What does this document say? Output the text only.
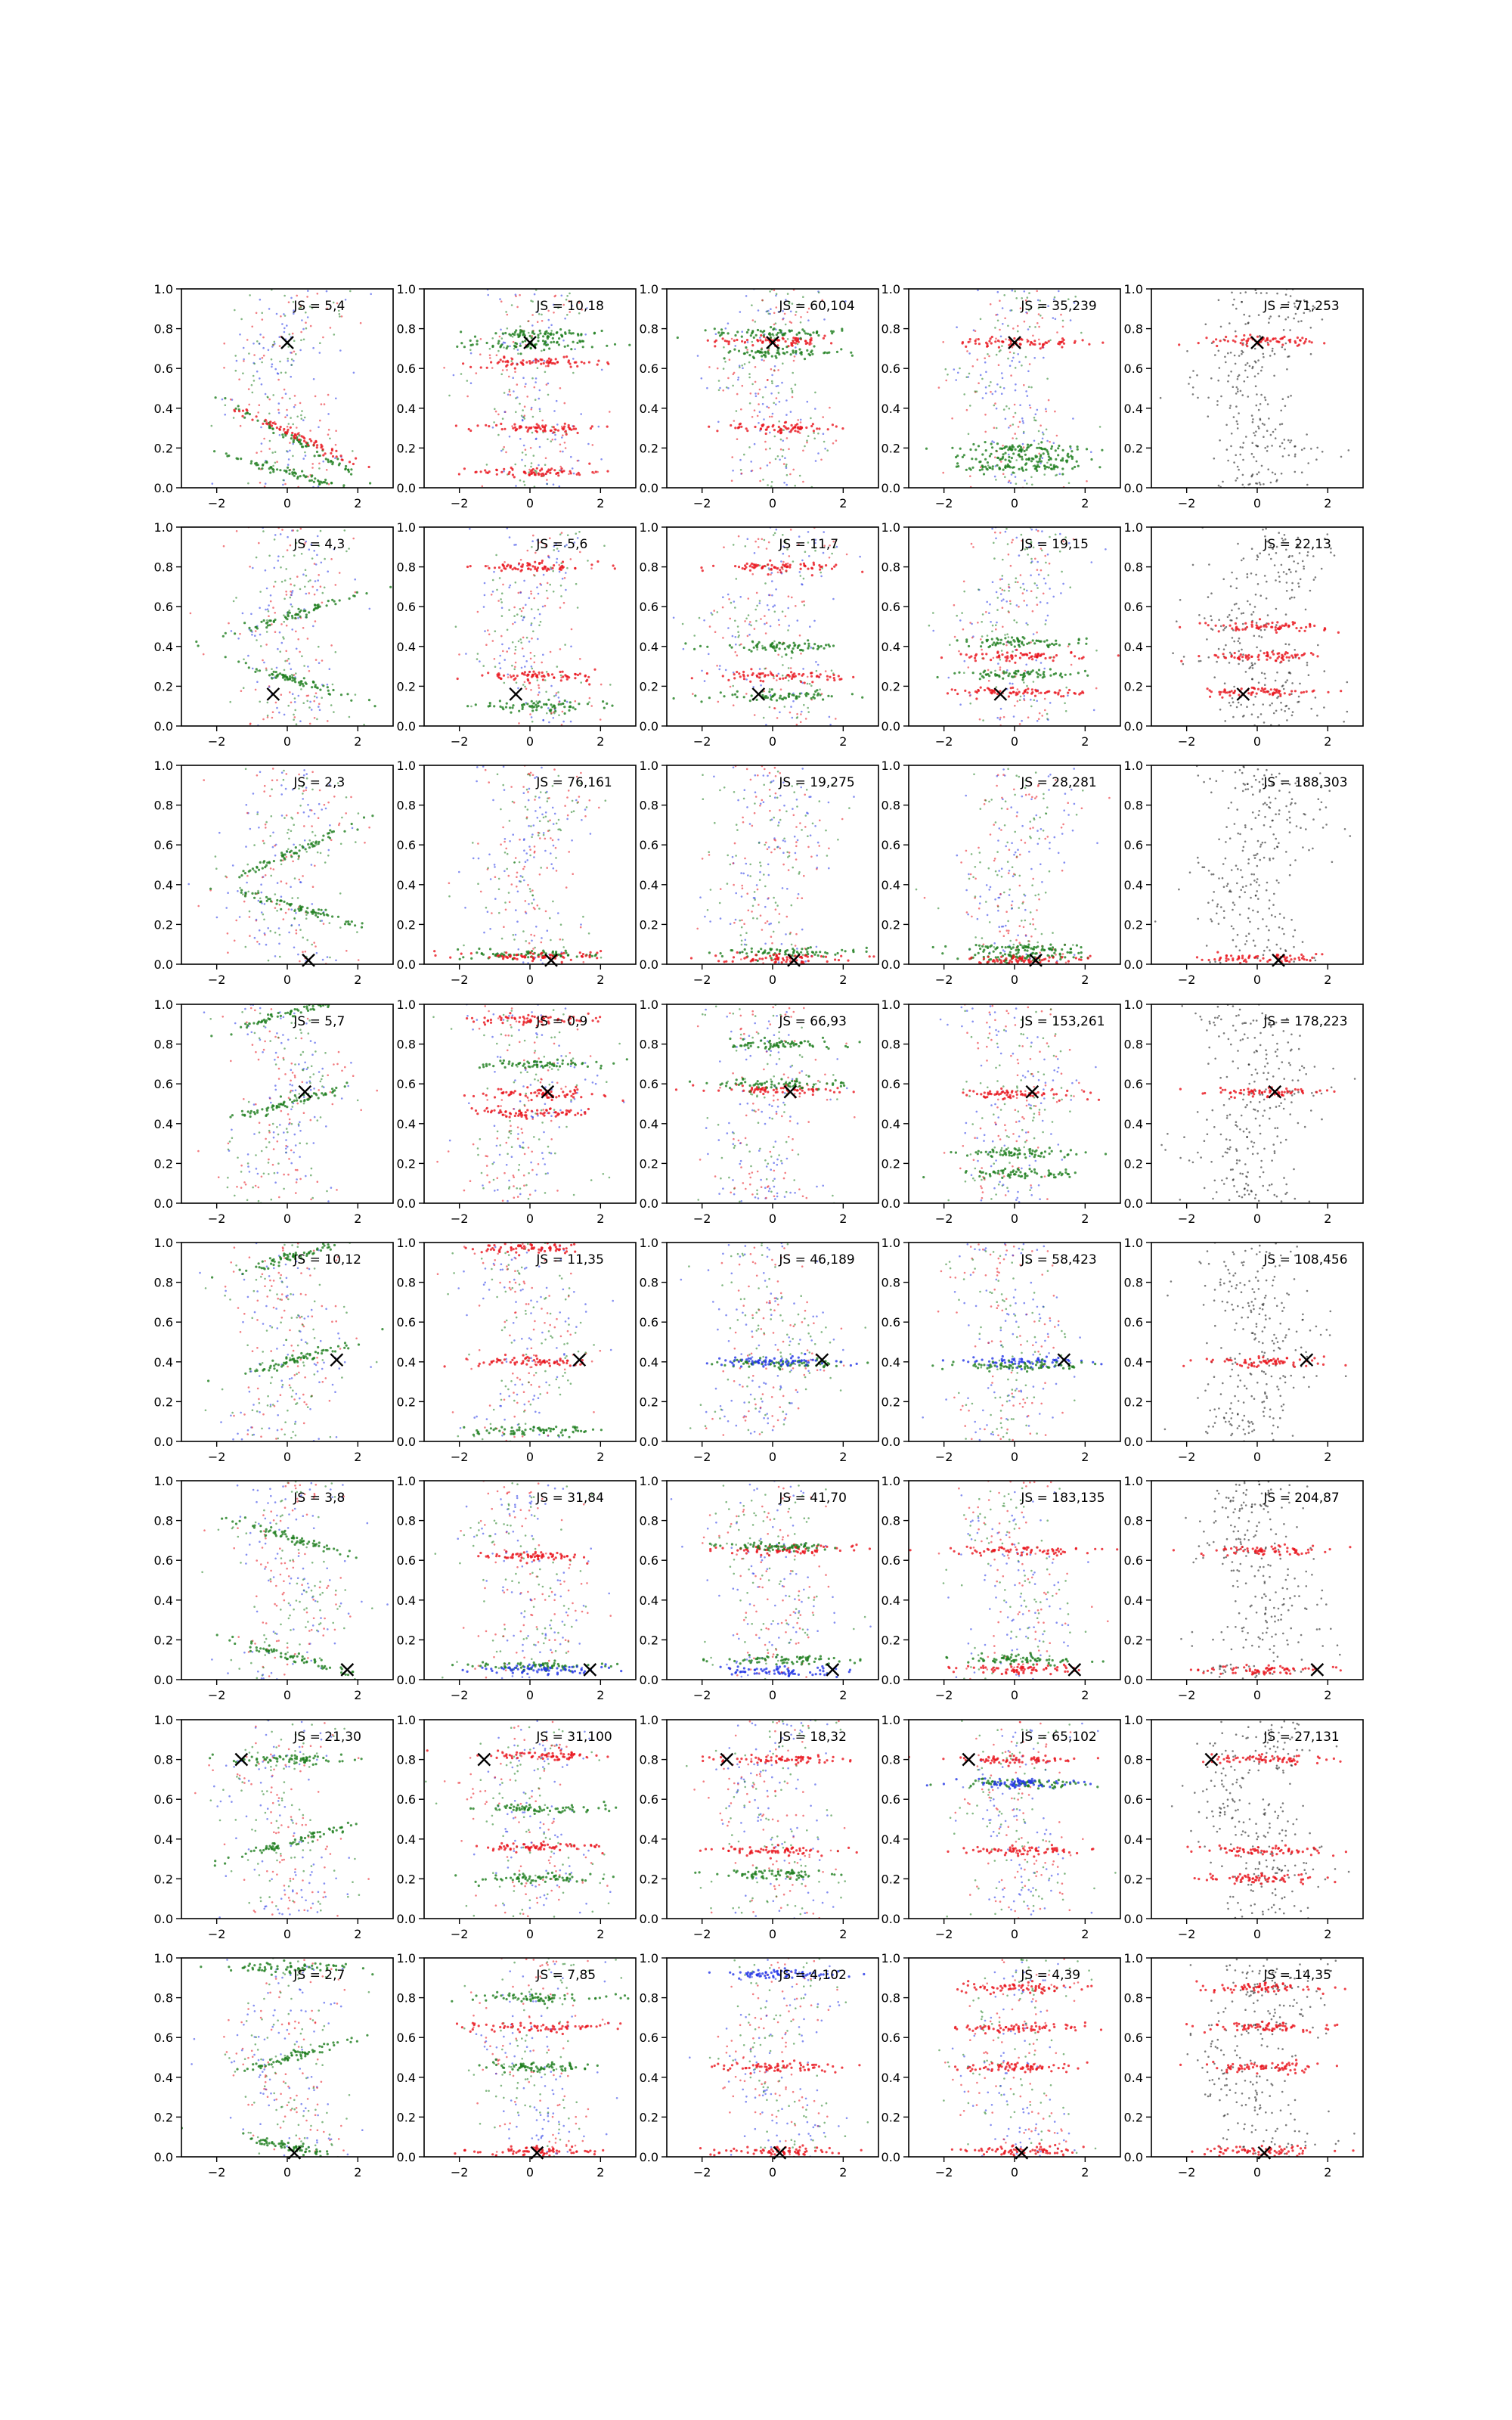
−2	0	2
0.0
0.2
0.4
0.6
0.8
1.0
JS = 5,4
−2	0	2
0.0
0.2
0.4
0.6
0.8
1.0
JS = 10,18
−2	0	2
0.0
0.2
0.4
0.6
0.8
1.0
JS = 60,104
−2	0	2
0.0
0.2
0.4
0.6
0.8
1.0
JS = 35,239
−2	0	2
0.0
0.2
0.4
0.6
0.8
1.0
JS = 71,253
−2	0	2
0.0
0.2
0.4
0.6
0.8
1.0
JS = 4,3
−2	0	2
0.0
0.2
0.4
0.6
0.8
1.0
JS = 5,6
−2	0	2
0.0
0.2
0.4
0.6
0.8
1.0
JS = 11,7
−2	0	2
0.0
0.2
0.4
0.6
0.8
1.0
JS = 19,15
−2	0	2
0.0
0.2
0.4
0.6
0.8
1.0
JS = 22,13
−2	0	2
0.0
0.2
0.4
0.6
0.8
1.0
JS = 2,3
−2	0	2
0.0
0.2
0.4
0.6
0.8
1.0
JS = 76,161
−2	0	2
0.0
0.2
0.4
0.6
0.8
1.0
JS = 19,275
−2	0	2
0.0
0.2
0.4
0.6
0.8
1.0
JS = 28,281
−2	0	2
0.0
0.2
0.4
0.6
0.8
1.0
JS = 188,303
−2	0	2
0.0
0.2
0.4
0.6
0.8
1.0
JS = 5,7
−2	0	2
0.0
0.2
0.4
0.6
0.8
1.0
JS = 0,9
−2	0	2
0.0
0.2
0.4
0.6
0.8
1.0
JS = 66,93
−2	0	2
0.0
0.2
0.4
0.6
0.8
1.0
JS = 153,261
−2	0	2
0.0
0.2
0.4
0.6
0.8
1.0
JS = 178,223
−2	0	2
0.0
0.2
0.4
0.6
0.8
1.0
JS = 10,12
−2	0	2
0.0
0.2
0.4
0.6
0.8
1.0
JS = 11,35
−2	0	2
0.0
0.2
0.4
0.6
0.8
1.0
JS = 46,189
−2	0	2
0.0
0.2
0.4
0.6
0.8
1.0
JS = 58,423
−2	0	2
0.0
0.2
0.4
0.6
0.8
1.0
JS = 108,456
−2	0	2
0.0
0.2
0.4
0.6
0.8
1.0
JS = 3,8
−2	0	2
0.0
0.2
0.4
0.6
0.8
1.0
JS = 31,84
−2	0	2
0.0
0.2
0.4
0.6
0.8
1.0
JS = 41,70
−2	0	2
0.0
0.2
0.4
0.6
0.8
1.0
JS = 183,135
−2	0	2
0.0
0.2
0.4
0.6
0.8
1.0
JS = 204,87
−2	0	2
0.0
0.2
0.4
0.6
0.8
1.0
JS = 21,30
−2	0	2
0.0
0.2
0.4
0.6
0.8
1.0
JS = 31,100
−2	0	2
0.0
0.2
0.4
0.6
0.8
1.0
JS = 18,32
−2	0	2
0.0
0.2
0.4
0.6
0.8
1.0
JS = 65,102
−2	0	2
0.0
0.2
0.4
0.6
0.8
1.0
JS = 27,131
−2	0	2
0.0
0.2
0.4
0.6
0.8
1.0
JS = 2,7
−2	0	2
0.0
0.2
0.4
0.6
0.8
1.0
JS = 7,85
−2	0	2
0.0
0.2
0.4
0.6
0.8
1.0
JS = 4,102
−2	0	2
0.0
0.2
0.4
0.6
0.8
1.0
JS = 4,39
−2	0	2
0.0
0.2
0.4
0.6
0.8
1.0
JS = 14,35
